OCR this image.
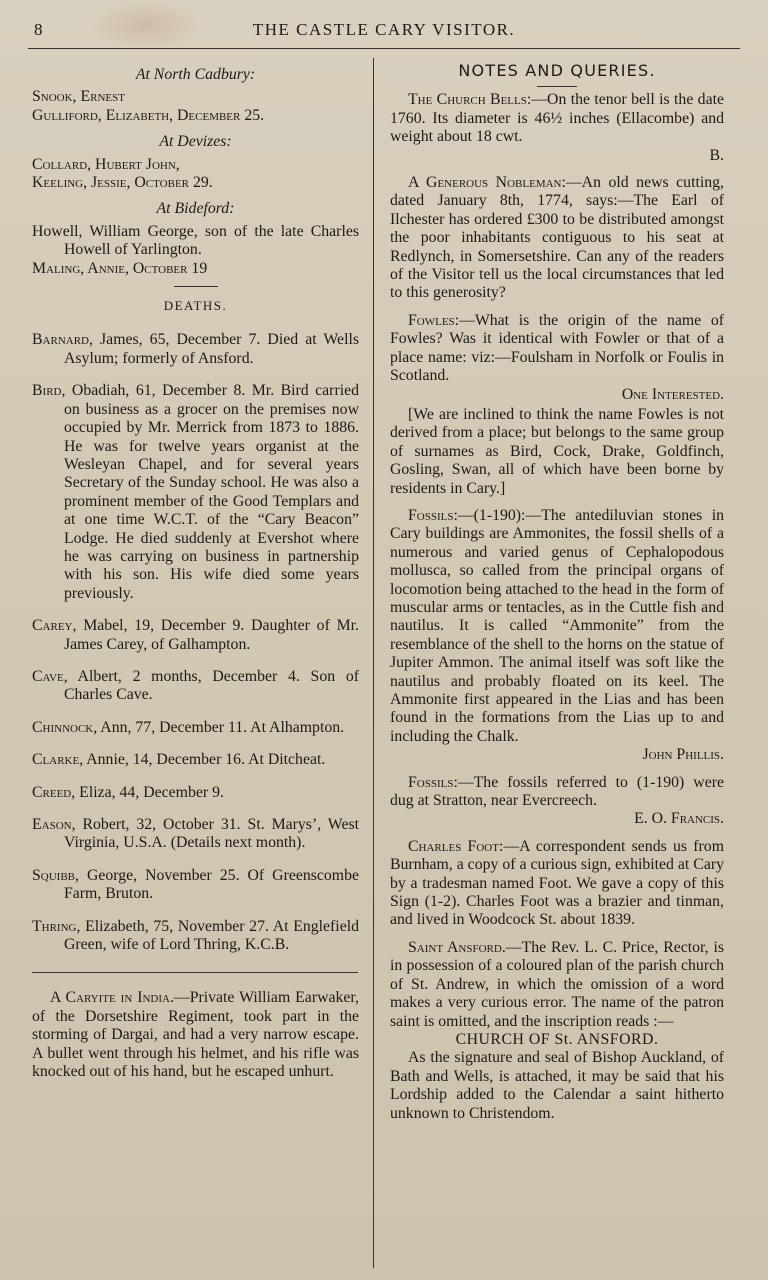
8	THE CASTLE CARY VISITOR.

At North Cadbury:

Snook, Ernest

Gulliford, Elizabeth, December 25.

At Devizes:

Collard, Hubert John,

Keeling, Jessie, October 29.

At Bideford:

Howell, William George, son of the late Charles Howell of Yarlington.

Maling, Annie, October 19

DEATHS.

Barnard, James, 65, December 7. Died at Wells Asylum; formerly of Ansford.

Bird, Obadiah, 61, December 8. Mr. Bird carried on business as a grocer on the premises now occupied by Mr. Merrick from 1873 to 1886. He was for twelve years organist at the Wesleyan Chapel, and for several years Secretary of the Sunday school. He was also a prominent member of the Good Templars and at one time W.C.T. of the “Cary Beacon” Lodge. He died suddenly at Evershot where he was carrying on business in partnership with his son. His wife died some years previously.

Carey, Mabel, 19, December 9. Daughter of Mr. James Carey, of Galhampton.

Cave, Albert, 2 months, December 4. Son of Charles Cave.

Chinnock, Ann, 77, December 11. At Alhampton.

Clarke, Annie, 14, December 16. At Ditcheat.

Creed, Eliza, 44, December 9.

Eason, Robert, 32, October 31. St. Marys’, West Virginia, U.S.A. (Details next month).

Squibb, George, November 25. Of Greenscombe Farm, Bruton.

Thring, Elizabeth, 75, November 27. At Englefield Green, wife of Lord Thring, K.C.B.

A Caryite in India.—Private William Earwaker, of the Dorsetshire Regiment, took part in the storming of Dargai, and had a very narrow escape. A bullet went through his helmet, and his rifle was knocked out of his hand, but he escaped unhurt.

NOTES AND QUERIES.

The Church Bells:—On the tenor bell is the date 1760. Its diameter is 46½ inches (Ellacombe) and weight about 18 cwt.
B.

A Generous Nobleman:—An old news cutting, dated January 8th, 1774, says:—The Earl of Ilchester has ordered £300 to be distributed amongst the poor inhabitants contiguous to his seat at Redlynch, in Somersetshire. Can any of the readers of the Visitor tell us the local circumstances that led to this generosity?

Fowles:—What is the origin of the name of Fowles? Was it identical with Fowler or that of a place name: viz:—Foulsham in Norfolk or Foulis in Scotland.
One Interested.

[We are inclined to think the name Fowles is not derived from a place; but belongs to the same group of surnames as Bird, Cock, Drake, Goldfinch, Gosling, Swan, all of which have been borne by residents in Cary.]

Fossils:—(1-190):—The antediluvian stones in Cary buildings are Ammonites, the fossil shells of a numerous and varied genus of Cephalopodous mollusca, so called from the principal organs of locomotion being attached to the head in the form of muscular arms or tentacles, as in the Cuttle fish and nautilus. It is called “Ammonite” from the resemblance of the shell to the horns on the statue of Jupiter Ammon. The animal itself was soft like the nautilus and probably floated on its keel. The Ammonite first appeared in the Lias and has been found in the formations from the Lias up to and including the Chalk.
John Phillis.
Fossils:—The fossils referred to (1-190) were dug at Stratton, near Evercreech.
E. O. Francis.

Charles Foot:—A correspondent sends us from Burnham, a copy of a curious sign, exhibited at Cary by a tradesman named Foot. We gave a copy of this Sign (1-2). Charles Foot was a brazier and tinman, and lived in Woodcock St. about 1839.

Saint Ansford.—The Rev. L. C. Price, Rector, is in possession of a coloured plan of the parish church of St. Andrew, in which the omission of a word makes a very curious error. The name of the patron saint is omitted, and the inscription reads :—

CHURCH OF St. ANSFORD.

As the signature and seal of Bishop Auckland, of Bath and Wells, is attached, it may be said that his Lordship added to the Calendar a saint hitherto unknown to Christendom.
